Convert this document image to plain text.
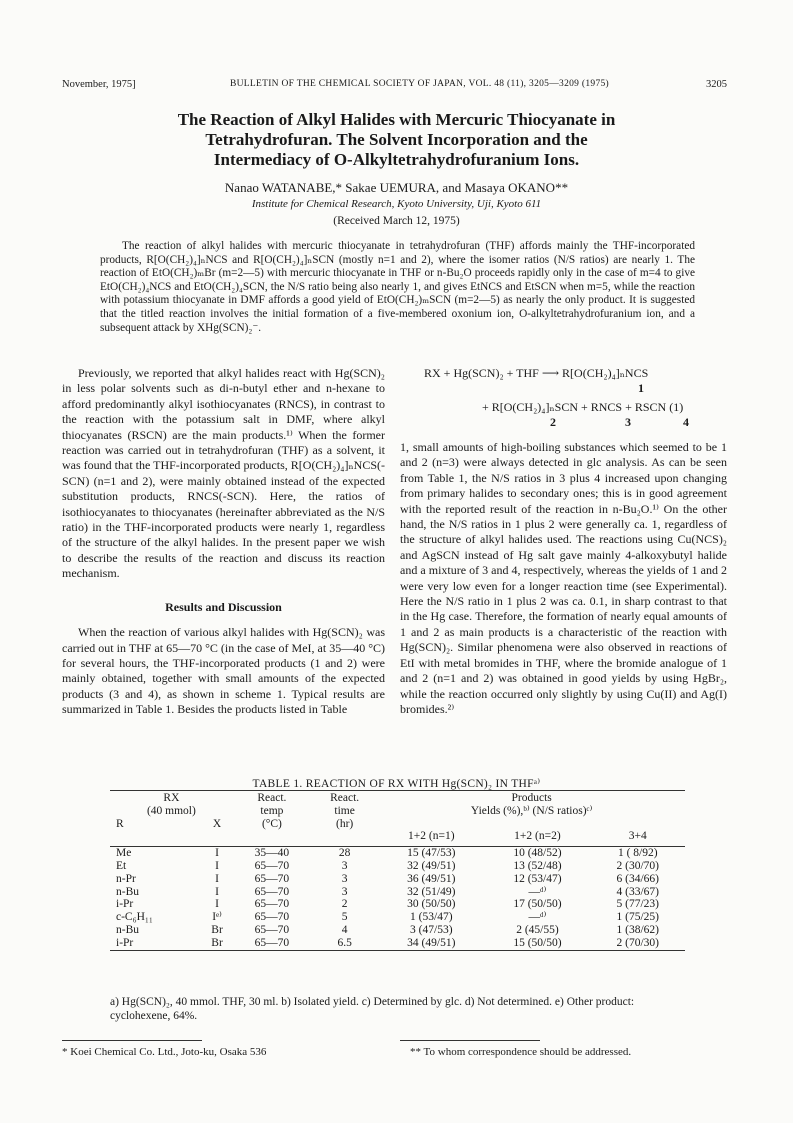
November, 1975]	BULLETIN OF THE CHEMICAL SOCIETY OF JAPAN, VOL. 48 (11), 3205—3209 (1975)	3205
The Reaction of Alkyl Halides with Mercuric Thiocyanate in
Tetrahydrofuran. The Solvent Incorporation and the
Intermediacy of O-Alkyltetrahydrofuranium Ions.
Nanao WATANABE,* Sakae UEMURA, and Masaya OKANO**
Institute for Chemical Research, Kyoto University, Uji, Kyoto 611
(Received March 12, 1975)
The reaction of alkyl halides with mercuric thiocyanate in tetrahydrofuran (THF) affords mainly the THF-incorporated products, R[O(CH₂)₄]ₙNCS and R[O(CH₂)₄]ₙSCN (mostly n=1 and 2), where the isomer ratios (N/S ratios) are nearly 1. The reaction of EtO(CH₂)ₘBr (m=2—5) with mercuric thiocyanate in THF or n-Bu₂O proceeds rapidly only in the case of m=4 to give EtO(CH₂)₄NCS and EtO(CH₂)₄SCN, the N/S ratio being also nearly 1, and gives EtNCS and EtSCN when m=5, while the reaction with potassium thiocyanate in DMF affords a good yield of EtO(CH₂)ₘSCN (m=2—5) as nearly the only product. It is suggested that the titled reaction involves the initial formation of a five-membered oxonium ion, O-alkyltetrahydrofuranium ion, and a subsequent attack by XHg(SCN)₂⁻.

Previously, we reported that alkyl halides react with Hg(SCN)₂ in less polar solvents such as di-n-butyl ether and n-hexane to afford predominantly alkyl isothiocyanates (RNCS), in contrast to the reaction with the potassium salt in DMF, where alkyl thiocyanates (RSCN) are the main products.¹⁾ When the former reaction was carried out in tetrahydrofuran (THF) as a solvent, it was found that the THF-incorporated products, R[O(CH₂)₄]ₙNCS(-SCN) (n=1 and 2), were mainly obtained instead of the expected substitution products, RNCS(-SCN). Here, the ratios of isothiocyanates to thiocyanates (hereinafter abbreviated as the N/S ratio) in the THF-incorporated products were nearly 1, regardless of the structure of the alkyl halides. In the present paper we wish to describe the results of the reaction and discuss its reaction mechanism.

Results and Discussion

When the reaction of various alkyl halides with Hg(SCN)₂ was carried out in THF at 65—70 °C (in the case of MeI, at 35—40 °C) for several hours, the THF-incorporated products (1 and 2) were mainly obtained, together with small amounts of the expected products (3 and 4), as shown in scheme 1. Typical results are summarized in Table 1. Besides the products listed in Table

RX + Hg(SCN)₂ + THF ⟶ R[O(CH₂)₄]ₙNCS
1
+ R[O(CH₂)₄]ₙSCN + RNCS + RSCN (1)
2	3	4

1, small amounts of high-boiling substances which seemed to be 1 and 2 (n=3) were always detected in glc analysis. As can be seen from Table 1, the N/S ratios in 3 plus 4 increased upon changing from primary halides to secondary ones; this is in good agreement with the reported result of the reaction in n-Bu₂O.¹⁾ On the other hand, the N/S ratios in 1 plus 2 were generally ca. 1, regardless of the structure of alkyl halides used. The reactions using Cu(NCS)₂ and AgSCN instead of Hg salt gave mainly 4-alkoxybutyl halide and a mixture of 3 and 4, respectively, whereas the yields of 1 and 2 were very low even for a longer reaction time (see Experimental). Here the N/S ratio in 1 plus 2 was ca. 0.1, in sharp contrast to that in the Hg case. Therefore, the formation of nearly equal amounts of 1 and 2 as main products is a characteristic of the reaction with Hg(SCN)₂. Similar phenomena were also observed in reactions of EtI with metal bromides in THF, where the bromide analogue of 1 and 2 (n=1 and 2) was obtained in good yields by using HgBr₂, while the reaction occurred only slightly by using Cu(II) and Ag(I) bromides.²⁾

TABLE 1. REACTION OF RX WITH Hg(SCN)₂ IN THFᵃ⁾
RX		React.	React.	Products		
(40 mmol)		temp	time	Yields (%),ᵇ⁾ (N/S ratios)ᶜ⁾		
R	X	(°C)	(hr)			
				1+2 (n=1)	1+2 (n=2)	3+4
Me	I	35—40	28	15 (47/53)	10 (48/52)	1 ( 8/92)
Et	I	65—70	3	32 (49/51)	13 (52/48)	2 (30/70)
n-Pr	I	65—70	3	36 (49/51)	12 (53/47)	6 (34/66)
n-Bu	I	65—70	3	32 (51/49)	—ᵈ⁾	4 (33/67)
i-Pr	I	65—70	2	30 (50/50)	17 (50/50)	5 (77/23)
c-C₆H₁₁	Iᵉ⁾	65—70	5	1 (53/47)	—ᵈ⁾	1 (75/25)
n-Bu	Br	65—70	4	3 (47/53)	2 (45/55)	1 (38/62)
i-Pr	Br	65—70	6.5	34 (49/51)	15 (50/50)	2 (70/30)
a) Hg(SCN)₂, 40 mmol. THF, 30 ml. b) Isolated yield. c) Determined by glc. d) Not determined. e) Other product: cyclohexene, 64%.
* Koei Chemical Co. Ltd., Joto-ku, Osaka 536	** To whom correspondence should be addressed.
